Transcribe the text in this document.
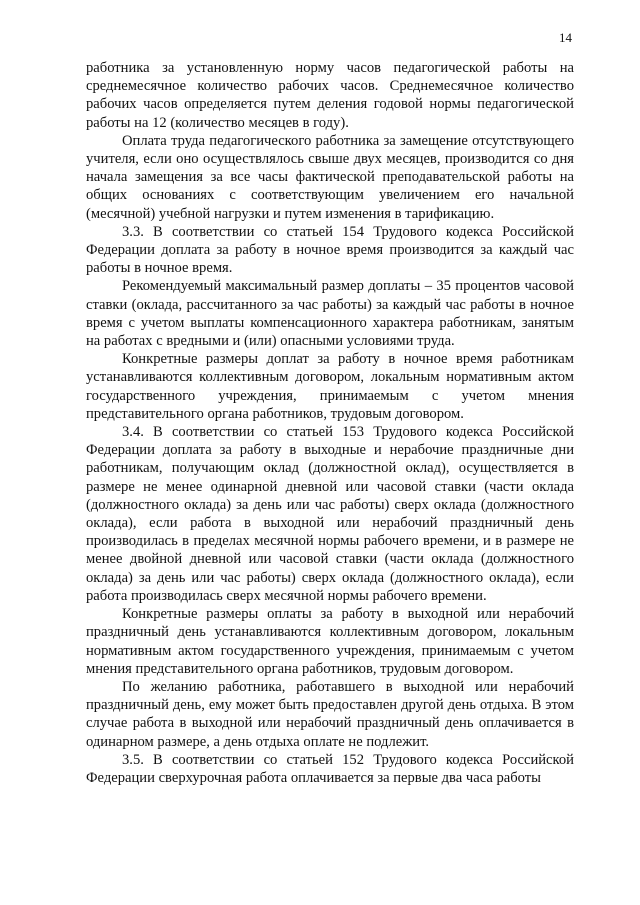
14

работника за установленную норму часов педагогической работы на среднемесячное количество рабочих часов. Среднемесячное количество рабочих часов определяется путем деления годовой нормы педагогической работы на 12 (количество месяцев в году).

Оплата труда педагогического работника за замещение отсутствующего учителя, если оно осуществлялось свыше двух месяцев, производится со дня начала замещения за все часы фактической преподавательской работы на общих основаниях с соответствующим увеличением его начальной (месячной) учебной нагрузки и путем изменения в тарификацию.

3.3. В соответствии со статьей 154 Трудового кодекса Российской Федерации доплата за работу в ночное время производится за каждый час работы в ночное время.

Рекомендуемый максимальный размер доплаты – 35 процентов часовой ставки (оклада, рассчитанного за час работы) за каждый час работы в ночное время с учетом выплаты компенсационного характера работникам, занятым на работах с вредными и (или) опасными условиями труда.

Конкретные размеры доплат за работу в ночное время работникам устанавливаются коллективным договором, локальным нормативным актом государственного учреждения, принимаемым с учетом мнения представительного органа работников, трудовым договором.

3.4. В соответствии со статьей 153 Трудового кодекса Российской Федерации доплата за работу в выходные и нерабочие праздничные дни работникам, получающим оклад (должностной оклад), осуществляется в размере не менее одинарной дневной или часовой ставки (части оклада (должностного оклада) за день или час работы) сверх оклада (должностного оклада), если работа в выходной или нерабочий праздничный день производилась в пределах месячной нормы рабочего времени, и в размере не менее двойной дневной или часовой ставки (части оклада (должностного оклада) за день или час работы) сверх оклада (должностного оклада), если работа производилась сверх месячной нормы рабочего времени.

Конкретные размеры оплаты за работу в выходной или нерабочий праздничный день устанавливаются коллективным договором, локальным нормативным актом государственного учреждения, принимаемым с учетом мнения представительного органа работников, трудовым договором.

По желанию работника, работавшего в выходной или нерабочий праздничный день, ему может быть предоставлен другой день отдыха. В этом случае работа в выходной или нерабочий праздничный день оплачивается в одинарном размере, а день отдыха оплате не подлежит.

3.5. В соответствии со статьей 152 Трудового кодекса Российской Федерации сверхурочная работа оплачивается за первые два часа работы
